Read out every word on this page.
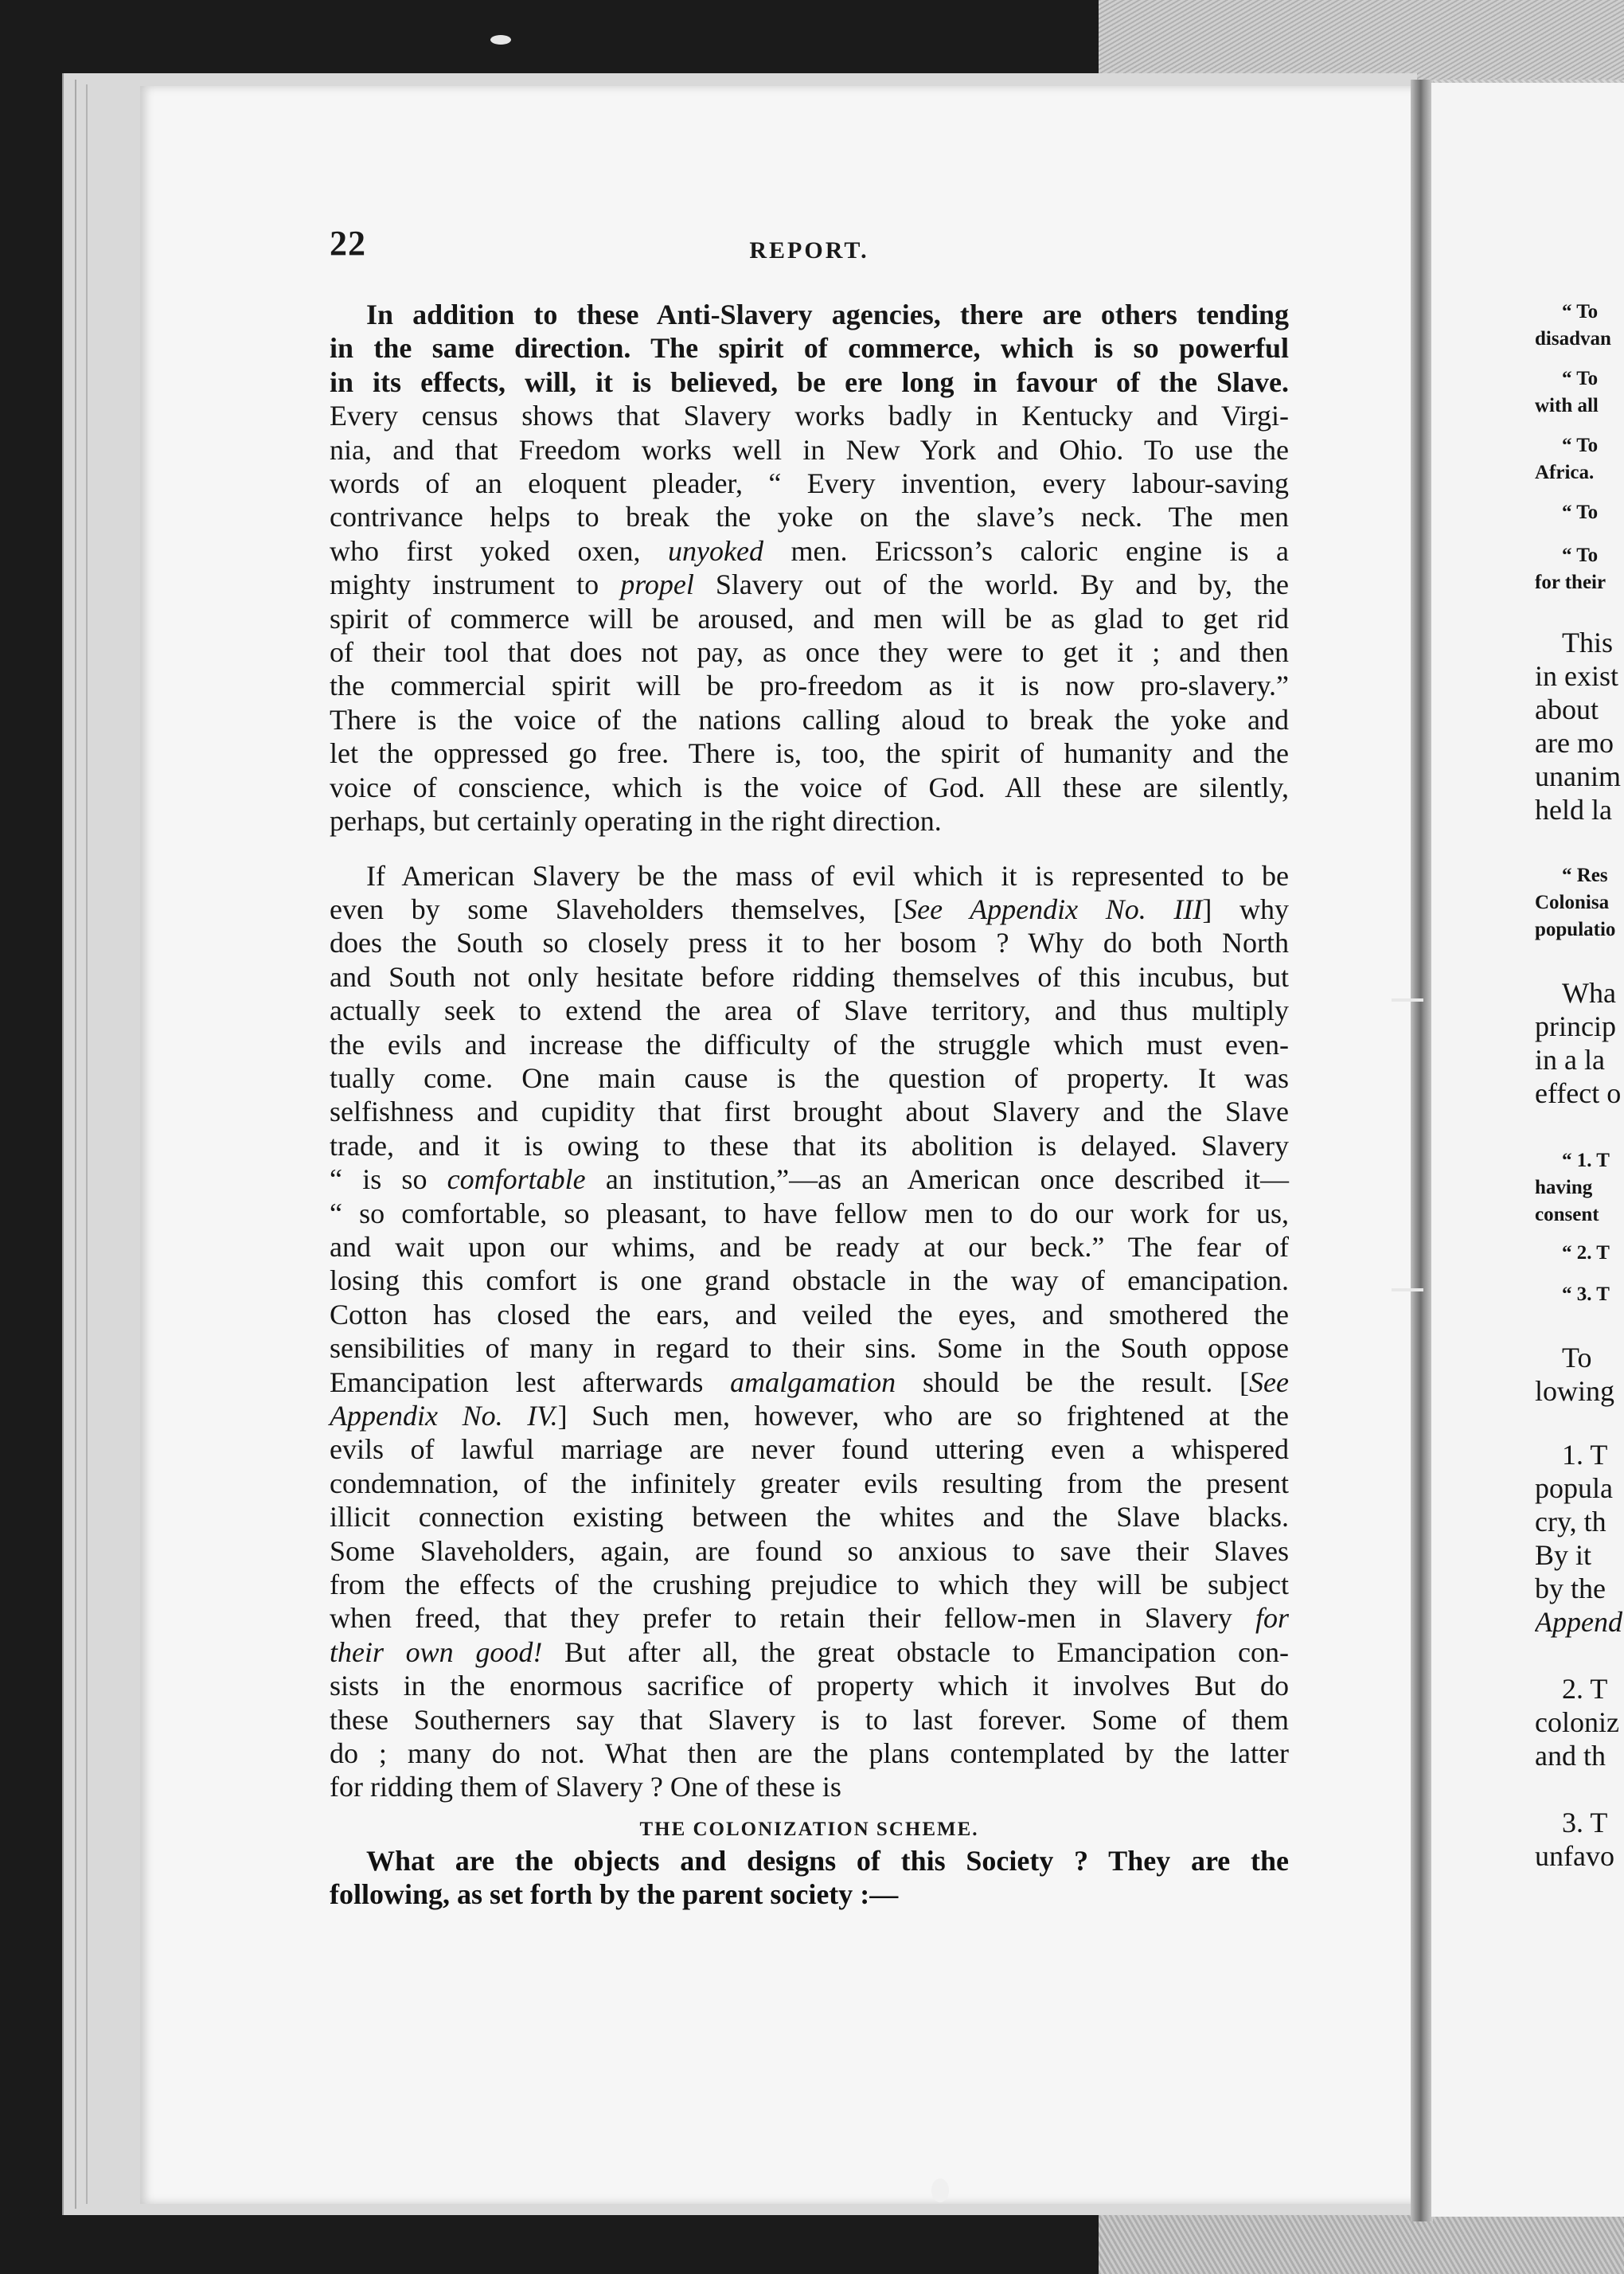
22	REPORT.
In addition to these Anti-Slavery agencies, there are others tending
in the same direction. The spirit of commerce, which is so powerful
in its effects, will, it is believed, be ere long in favour of the Slave.
Every census shows that Slavery works badly in Kentucky and Virgi-
nia, and that Freedom works well in New York and Ohio. To use the
words of an eloquent pleader, “ Every invention, every labour-saving
contrivance helps to break the yoke on the slave’s neck. The men
who first yoked oxen, unyoked men. Ericsson’s caloric engine is a
mighty instrument to propel Slavery out of the world. By and by, the
spirit of commerce will be aroused, and men will be as glad to get rid
of their tool that does not pay, as once they were to get it ; and then
the commercial spirit will be pro-freedom as it is now pro-slavery.”
There is the voice of the nations calling aloud to break the yoke and
let the oppressed go free. There is, too, the spirit of humanity and the
voice of conscience, which is the voice of God. All these are silently,
perhaps, but certainly operating in the right direction.
If American Slavery be the mass of evil which it is represented to be
even by some Slaveholders themselves, [See Appendix No. III] why
does the South so closely press it to her bosom ? Why do both North
and South not only hesitate before ridding themselves of this incubus, but
actually seek to extend the area of Slave territory, and thus multiply
the evils and increase the difficulty of the struggle which must even-
tually come. One main cause is the question of property. It was
selfishness and cupidity that first brought about Slavery and the Slave
trade, and it is owing to these that its abolition is delayed. Slavery
“ is so comfortable an institution,”—as an American once described it—
“ so comfortable, so pleasant, to have fellow men to do our work for us,
and wait upon our whims, and be ready at our beck.” The fear of
losing this comfort is one grand obstacle in the way of emancipation.
Cotton has closed the ears, and veiled the eyes, and smothered the
sensibilities of many in regard to their sins. Some in the South oppose
Emancipation lest afterwards amalgamation should be the result. [See
Appendix No. IV.] Such men, however, who are so frightened at the
evils of lawful marriage are never found uttering even a whispered
condemnation, of the infinitely greater evils resulting from the present
illicit connection existing between the whites and the Slave blacks.
Some Slaveholders, again, are found so anxious to save their Slaves
from the effects of the crushing prejudice to which they will be subject
when freed, that they prefer to retain their fellow-men in Slavery for
their own good! But after all, the great obstacle to Emancipation con-
sists in the enormous sacrifice of property which it involves But do
these Southerners say that Slavery is to last forever. Some of them
do ; many do not. What then are the plans contemplated by the latter
for ridding them of Slavery ? One of these is
THE COLONIZATION SCHEME.
What are the objects and designs of this Society ? They are the
following, as set forth by the parent society :—
“ To
disadvan
“ To
with all
“ To
Africa.
“ To
“ To
for their
This
in exist
about
are mo
unanim
held la
“ Res
Colonisa
populatio
Wha
princip
in a la
effect o
“ 1. T
having
consent
“ 2. T
“ 3. T
To
lowing
1. T
popula
cry, th
By it
by the
Append
2. T
coloniz
and th
3. T
unfavo
